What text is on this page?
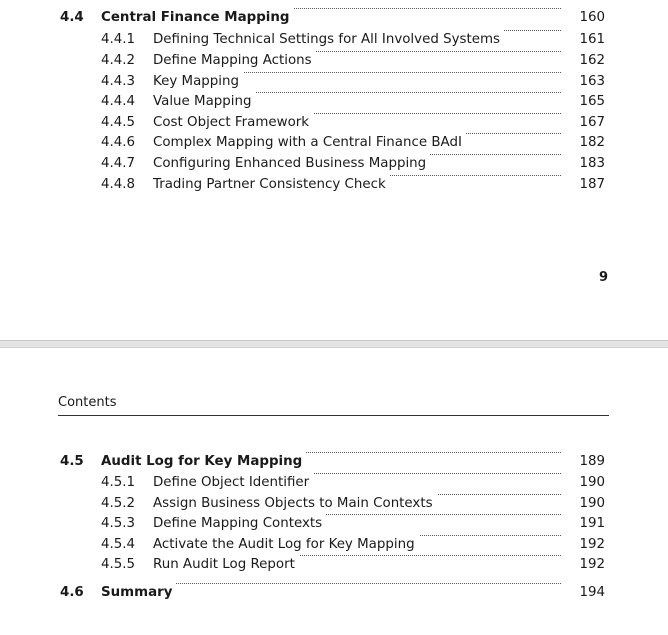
4.4 Central Finance Mapping	160
4.4.1 Defining Technical Settings for All Involved Systems	161
4.4.2 Define Mapping Actions	162
4.4.3 Key Mapping	163
4.4.4 Value Mapping	165
4.4.5 Cost Object Framework	167
4.4.6 Complex Mapping with a Central Finance BAdI	182
4.4.7 Configuring Enhanced Business Mapping	183
4.4.8 Trading Partner Consistency Check	187
9
Contents
4.5 Audit Log for Key Mapping	189
4.5.1 Define Object Identifier	190
4.5.2 Assign Business Objects to Main Contexts	190
4.5.3 Define Mapping Contexts	191
4.5.4 Activate the Audit Log for Key Mapping	192
4.5.5 Run Audit Log Report	192
4.6 Summary	194
